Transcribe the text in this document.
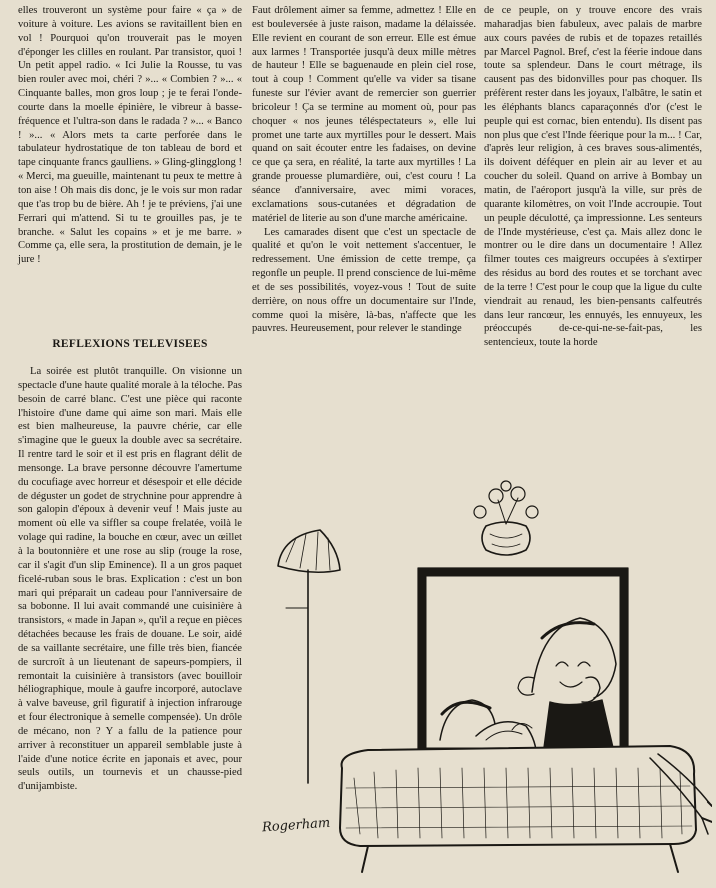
elles trouveront un système pour faire « ça » de voiture à voiture. Les avions se ravitaillent bien en vol ! Pourquoi qu'on trouverait pas le moyen d'éponger les clilles en roulant. Par transistor, quoi ! Un petit appel radio. « Ici Julie la Rousse, tu vas bien rouler avec moi, chéri ? »... « Combien ? »... « Cinquante balles, mon gros loup ; je te ferai l'onde-courte dans la moelle épinière, le vibreur à basse-fréquence et l'ultra-son dans le radada ? »... « Banco ! »... « Alors mets ta carte perforée dans le tabulateur hydrostatique de ton tableau de bord et tape cinquante francs gaulliens. » Gling-glingglong ! « Merci, ma gueuille, maintenant tu peux te mettre à ton aise ! Oh mais dis donc, je le vois sur mon radar que t'as trop bu de bière. Ah ! je te préviens, j'ai une Ferrari qui m'attend. Si tu te grouilles pas, je te branche. « Salut les copains » et je me barre. » Comme ça, elle sera, la prostitution de demain, je le jure !

REFLEXIONS TELEVISEES

La soirée est plutôt tranquille. On visionne un spectacle d'une haute qualité morale à la téloche. Pas besoin de carré blanc. C'est une pièce qui raconte l'histoire d'une dame qui aime son mari. Mais elle est bien malheureuse, la pauvre chérie, car elle s'imagine que le gueux la double avec sa secrétaire. Il rentre tard le soir et il est pris en flagrant délit de mensonge. La brave personne découvre l'amertume du cocufiage avec horreur et désespoir et elle décide de déguster un godet de strychnine pour apprendre à son galopin d'époux à devenir veuf ! Mais juste au moment où elle va siffler sa coupe frelatée, voilà le volage qui radine, la bouche en cœur, avec un œillet à la boutonnière et une rose au slip (rouge la rose, car il s'agit d'un slip Eminence). Il a un gros paquet ficelé-ruban sous le bras. Explication : c'est un bon mari qui préparait un cadeau pour l'anniversaire de sa bobonne. Il lui avait commandé une cuisinière à transistors, « made in Japan », qu'il a reçue en pièces détachées because les frais de douane. Le soir, aidé de sa vaillante secrétaire, une fille très bien, fiancée de surcroît à un lieutenant de sapeurs-pompiers, il remontait la cuisinière à transistors (avec bouilloir héliographique, moule à gaufre incorporé, autoclave à valve baveuse, gril figuratif à injection infrarouge et four électronique à semelle compensée). Un drôle de mécano, non ? Y a fallu de la patience pour arriver à reconstituer un appareil semblable juste à l'aide d'une notice écrite en japonais et avec, pour seuls outils, un tournevis et un chausse-pied d'unijambiste.

Faut drôlement aimer sa femme, admettez ! Elle en est bouleversée à juste raison, madame la délaissée. Elle revient en courant de son erreur. Elle est émue aux larmes ! Transportée jusqu'à deux mille mètres de hauteur ! Elle se baguenaude en plein ciel rose, tout à coup ! Comment qu'elle va vider sa tisane funeste sur l'évier avant de remercier son guerrier bricoleur ! Ça se termine au moment où, pour pas choquer « nos jeunes téléspectateurs », elle lui promet une tarte aux myrtilles pour le dessert. Mais quand on sait écouter entre les fadaises, on devine ce que ça sera, en réalité, la tarte aux myrtilles ! La grande prouesse plumardière, oui, c'est couru ! La séance d'anniversaire, avec mimi voraces, exclamations sous-cutanées et dégradation de matériel de literie au son d'une marche américaine.

Les camarades disent que c'est un spectacle de qualité et qu'on le voit nettement s'accentuer, le redressement. Une émission de cette trempe, ça regonfle un peuple. Il prend conscience de lui-même et de ses possibilités, voyez-vous ! Tout de suite derrière, on nous offre un documentaire sur l'Inde, comme quoi la misère, là-bas, n'affecte que les pauvres. Heureusement, pour relever le standinge

de ce peuple, on y trouve encore des vrais maharadjas bien fabuleux, avec palais de marbre aux cours pavées de rubis et de topazes retaillés par Marcel Pagnol. Bref, c'est la féerie indoue dans toute sa splendeur. Dans le court métrage, ils causent pas des bidonvilles pour pas choquer. Ils préfèrent rester dans les joyaux, l'albâtre, le satin et les éléphants blancs caparaçonnés d'or (c'est le peuple qui est cornac, bien entendu). Ils disent pas non plus que c'est l'Inde féerique pour la m... ! Car, d'après leur religion, à ces braves sous-alimentés, ils doivent déféquer en plein air au lever et au coucher du soleil. Quand on arrive à Bombay un matin, de l'aéroport jusqu'à la ville, sur près de quarante kilomètres, on voit l'Inde accroupie. Tout un peuple déculotté, ça impressionne. Les senteurs de l'Inde mystérieuse, c'est ça. Mais allez donc le montrer ou le dire dans un documentaire ! Allez filmer toutes ces maigreurs occupées à s'extirper des résidus au bord des routes et se torchant avec de la terre ! C'est pour le coup que la ligue du culte viendrait au renaud, les bien-pensants calfeutrés dans leur rancœur, les ennuyés, les ennuyeux, les préoccupés de-ce-qui-ne-se-fait-pas, les sentencieux, toute la horde

Rogerham
